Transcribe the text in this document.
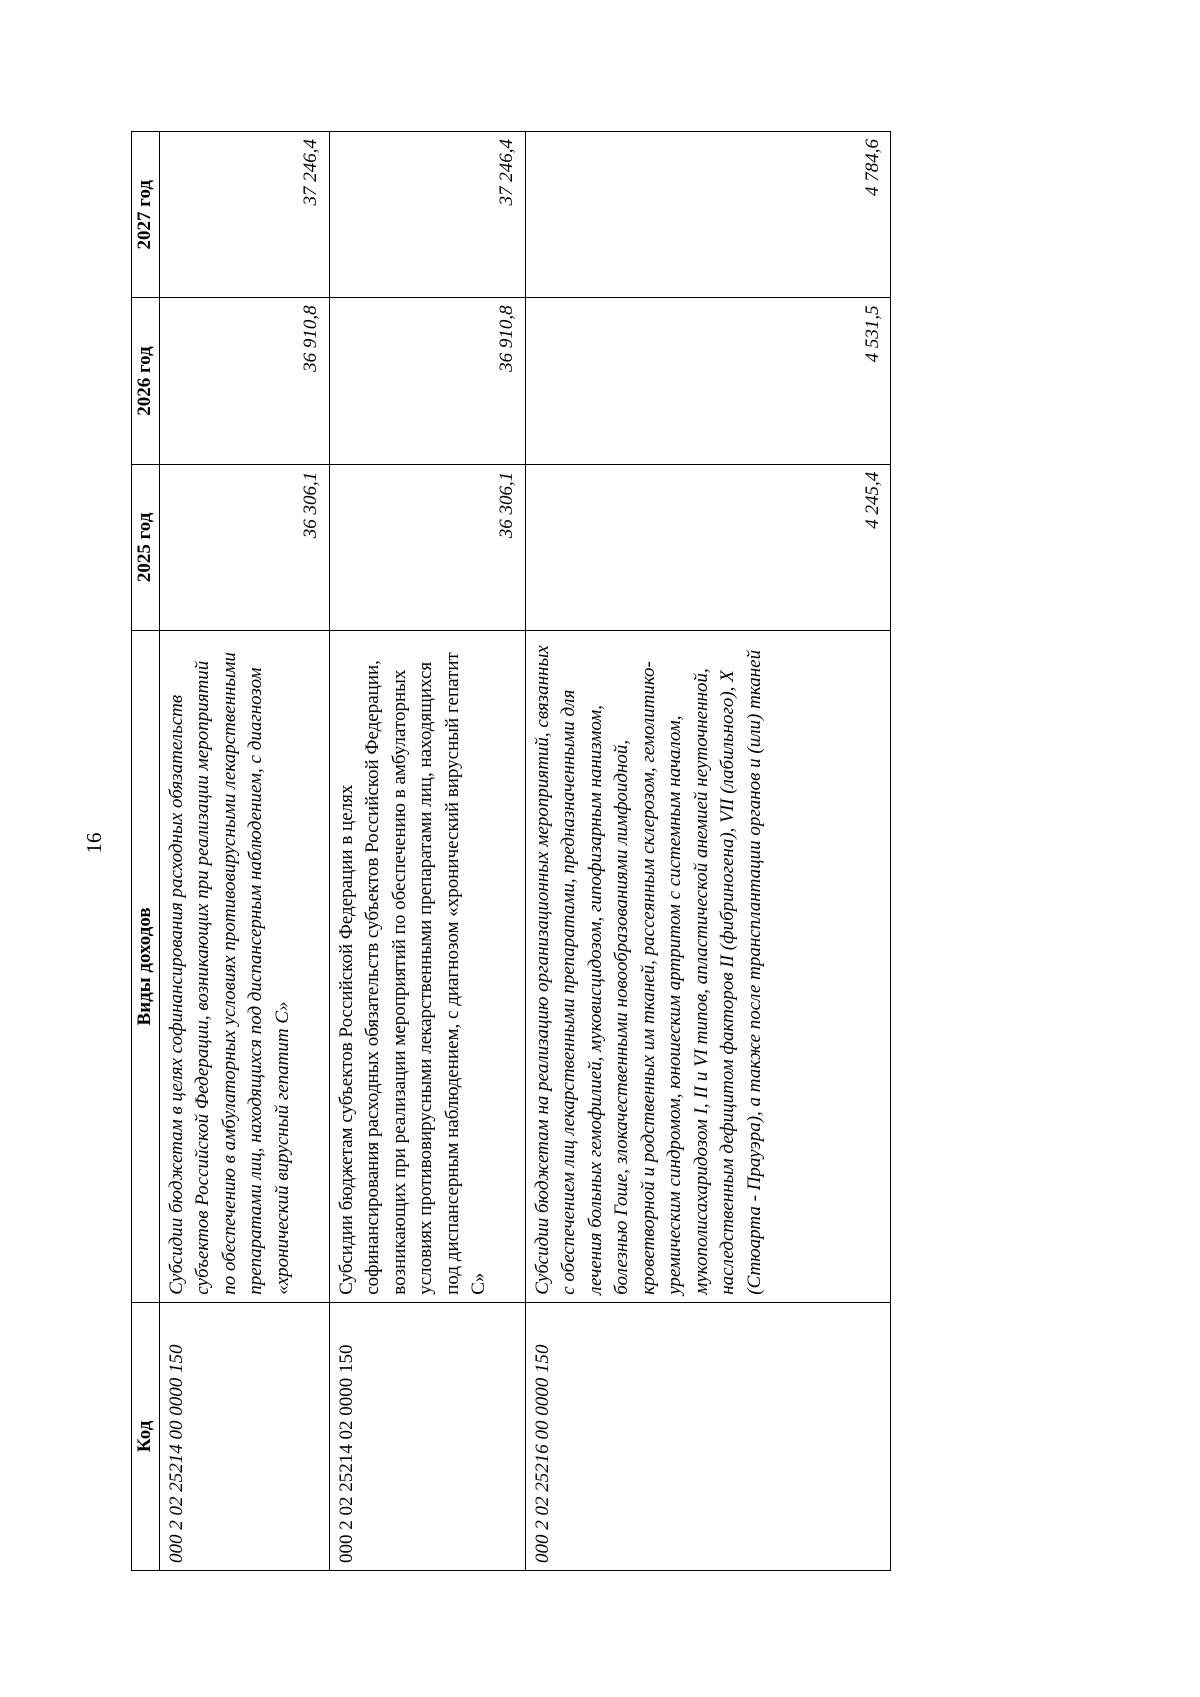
16
Код	Виды доходов	2025 год	2026 год	2027 год
000 2 02 25214 00 0000 150	Субсидии бюджетам в целях софинансирования расходных обязательств субъектов Российской Федерации, возникающих при реализации мероприятий по обеспечению в амбулаторных условиях противовирусными лекарственными препаратами лиц, находящихся под диспансерным наблюдением, с диагнозом «хронический вирусный гепатит С»	36 306,1	36 910,8	37 246,4
000 2 02 25214 02 0000 150	Субсидии бюджетам субъектов Российской Федерации в целях софинансирования расходных обязательств субъектов Российской Федерации, возникающих при реализации мероприятий по обеспечению в амбулаторных условиях противовирусными лекарственными препаратами лиц, находящихся под диспансерным наблюдением, с диагнозом «хронический вирусный гепатит С»	36 306,1	36 910,8	37 246,4
000 2 02 25216 00 0000 150	Субсидии бюджетам на реализацию организационных мероприятий, связанных с обеспечением лиц лекарственными препаратами, предназначенными для лечения больных гемофилией, муковисцидозом, гипофизарным нанизмом, болезнью Гоше, злокачественными новообразованиями лимфоидной, кроветворной и родственных им тканей, рассеянным склерозом, гемолитико-уремическим синдромом, юношеским артритом с системным началом, мукополисахаридозом I, II и VI типов, апластической анемией неуточненной, наследственным дефицитом факторов II (фибриногена), VII (лабильного), X (Стюарта - Прауэра), а также после трансплантации органов и (или) тканей	4 245,4	4 531,5	4 784,6
